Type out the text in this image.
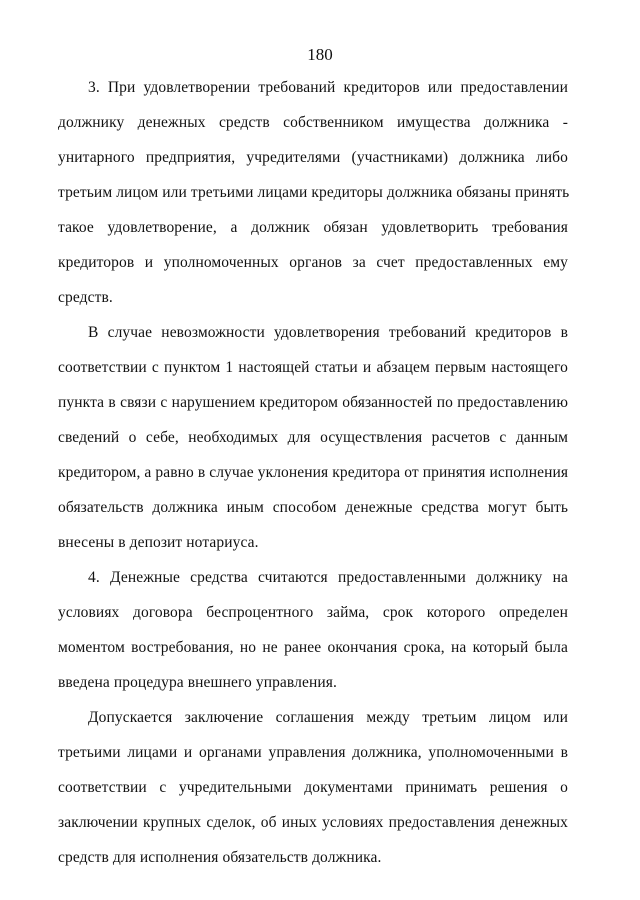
180
3. При удовлетворении требований кредиторов или предоставлении
должнику денежных средств собственником имущества должника -
унитарного предприятия, учредителями (участниками) должника либо
третьим лицом или третьими лицами кредиторы должника обязаны принять
такое удовлетворение, а должник обязан удовлетворить требования
кредиторов и уполномоченных органов за счет предоставленных ему
средств.
В случае невозможности удовлетворения требований кредиторов в
соответствии с пунктом 1 настоящей статьи и абзацем первым настоящего
пункта в связи с нарушением кредитором обязанностей по предоставлению
сведений о себе, необходимых для осуществления расчетов с данным
кредитором, а равно в случае уклонения кредитора от принятия исполнения
обязательств должника иным способом денежные средства могут быть
внесены в депозит нотариуса.
4. Денежные средства считаются предоставленными должнику на
условиях договора беспроцентного займа, срок которого определен
моментом востребования, но не ранее окончания срока, на который была
введена процедура внешнего управления.
Допускается заключение соглашения между третьим лицом или
третьими лицами и органами управления должника, уполномоченными в
соответствии с учредительными документами принимать решения о
заключении крупных сделок, об иных условиях предоставления денежных
средств для исполнения обязательств должника.
